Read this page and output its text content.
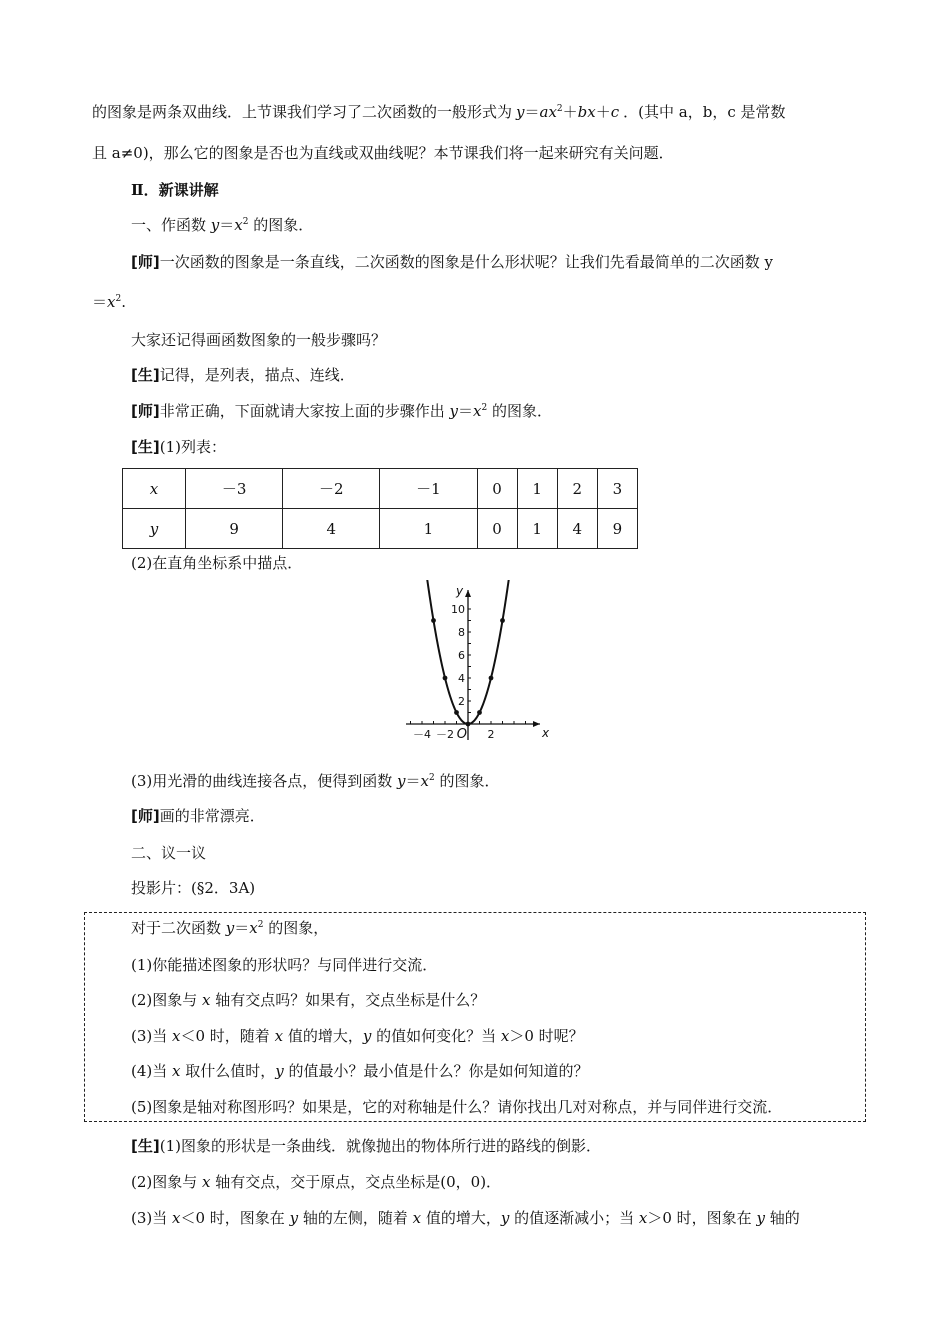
的图象是两条双曲线．上节课我们学习了二次函数的一般形式为 $y=ax^2+bx+c$ ．(其中 a，b，c 是常数
且 a≠0)，那么它的图象是否也为直线或双曲线呢？本节课我们将一起来研究有关问题．
Ⅱ．新课讲解
一、作函数 $y=x^2$ 的图象．
[师]一次函数的图象是一条直线，二次函数的图象是什么形状呢？让我们先看最简单的二次函数 y
$=x^2$.
大家还记得画函数图象的一般步骤吗？
[生]记得，是列表，描点、连线．
[师]非常正确，下面就请大家按上面的步骤作出 $y=x^2$ 的图象．
[生](1)列表：
x	－3	－2	－1	0	1	2	3
y	9	4	1	0	1	4	9
(2)在直角坐标系中描点．
－4 －2	2
2
4
6
8
10
O	x
y
(3)用光滑的曲线连接各点，便得到函数 $y=x^2$ 的图象．
[师]画的非常漂亮．
二、议一议
投影片：(§2．3A)
对于二次函数 $y=x^2$ 的图象，
(1)你能描述图象的形状吗？与同伴进行交流．
(2)图象与 x 轴有交点吗？如果有，交点坐标是什么？
(3)当 x＜0 时，随着 x 值的增大，y 的值如何变化？当 x＞0 时呢？
(4)当 x 取什么值时，y 的值最小？最小值是什么？你是如何知道的？
(5)图象是轴对称图形吗？如果是，它的对称轴是什么？请你找出几对对称点，并与同伴进行交流．
[生](1)图象的形状是一条曲线．就像抛出的物体所行进的路线的倒影．
(2)图象与 x 轴有交点，交于原点，交点坐标是(0，0)．
(3)当 x＜0 时，图象在 y 轴的左侧，随着 x 值的增大，y 的值逐渐减小；当 x＞0 时，图象在 y 轴的
